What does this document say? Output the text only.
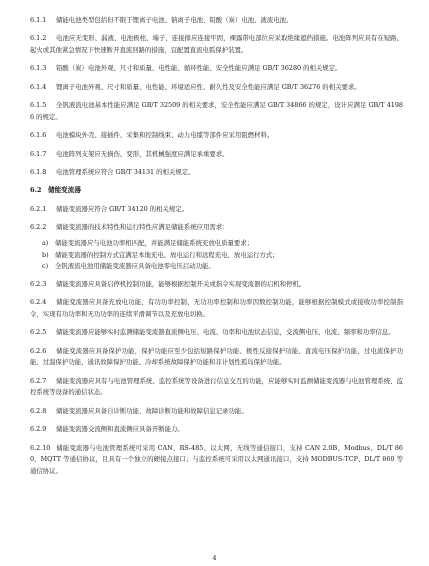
6.1.1 储能电池类型包括但不限于锂离子电池、钠离子电池、铅酸（炭）电池、液流电池。
6.1.2 电池应无变形、漏液、电池极柱、端子、连接排应连接牢固，裸露带电部位应采取绝缘遮挡措施。电池阵列应具有在短路、起火或其他紧急情况下快速断开直流回路的措施，宜配置直流电弧保护装置。
6.1.3 铅酸（炭）电池外观、尺寸和质量、电性能、循环性能、安全性能应满足 GB/T 36280 的相关规定。
6.1.4 锂离子电池外观、尺寸和质量、电性能、环境适应性、耐久性及安全性能应满足 GB/T 36276 的相关要求。
6.1.5 全钒液流电池基本性能应满足 GB/T 32509 的相关要求，安全性能应满足 GB/T 34866 的规定，设计应满足 GB/T 41986 的规定。
6.1.6 电池模块外壳、接插件、采集和控制线束、动力电缆等部件应采用阻燃材料。
6.1.7 电池阵列支架应无损伤、变形，其机械强度应满足承重要求。
6.1.8 电池管理系统应符合 GB/T 34131 的相关规定。
6.2 储能变流器
6.2.1 储能变流器应符合 GB/T 34120 的相关规定。
6.2.2 储能变流器的技术特性和运行特性应满足储能系统应用需求：
a) 储能变流器应与电池功率相匹配，并能满足储能系统充放电质量要求；
b) 储能变流器的控制方式宜满足本地充电、放电运行和远程充电、放电运行方式；
c) 全钒液流电池用储能变流器应具备电池零电压启动功能。
6.2.3 储能变流器应具备启停机控制功能，能够根据控制开关或指令实现变流器的启机和停机。
6.2.4 储能变流器应具备充放电功能、有功功率控制、无功功率控制和功率因数控制功能，能够根据控制模式或接收功率控制指令，实现有功功率和无功功率的连续平滑调节以及充放电切换。
6.2.5 储能变流器应能够实时监测储能变流器直流侧电压、电流、功率和电池状态信息，交流侧电压、电流、频率和功率信息。
6.2.6 储能变流器应具备保护功能，保护功能应至少包括短路保护功能、极性反接保护功能、直流电压保护功能、过电流保护功能、过温保护功能、通讯故障保护功能、冷却系统故障保护功能和非计划性孤岛保护功能。
6.2.7 储能变流器应具有与电池管理系统、监控系统等设备进行信息交互的功能，应能够实时监测储能变流器与电池管理系统、监控系统等设备的通信状态。
6.2.8 储能变流器应具备自诊断功能、故障诊断功能和故障信息记录功能。
6.2.9 储能变流器交流侧和直流侧应具备开断能力。
6.2.10 储能变流器与电池管理系统可采用 CAN、RS-485、以太网、无线等通信接口，支持 CAN 2.0B、Modbus、DL/T 860、MQTT 等通信协议，且具有一个独立的硬接点接口；与监控系统可采用以太网通讯接口，支持 MODBUS-TCP、DL/T 860 等通信协议。
4
